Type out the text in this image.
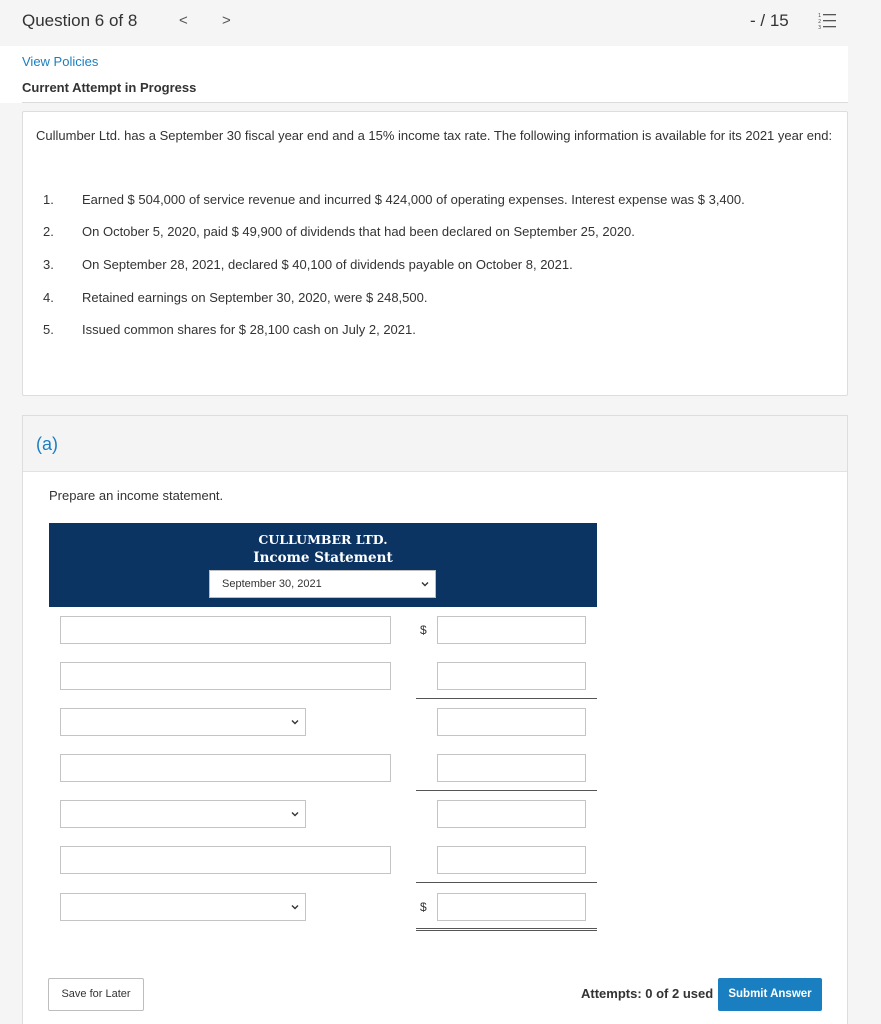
Question 6 of 8	< >	- / 15	1
2
3
View Policies
Current Attempt in Progress
Cullumber Ltd. has a September 30 fiscal year end and a 15% income tax rate. The following information is available for its 2021 year end:
1. Earned $ 504,000 of service revenue and incurred $ 424,000 of operating expenses. Interest expense was $ 3,400.
2. On October 5, 2020, paid $ 49,900 of dividends that had been declared on September 25, 2020.
3. On September 28, 2021, declared $ 40,100 of dividends payable on October 8, 2021.
4. Retained earnings on September 30, 2020, were $ 248,500.
5. Issued common shares for $ 28,100 cash on July 2, 2021.
(a)
Prepare an income statement.
CULLUMBER LTD.
Income Statement
September 30, 2021
$
$
Save for Later	Attempts: 0 of 2 used	Submit Answer
